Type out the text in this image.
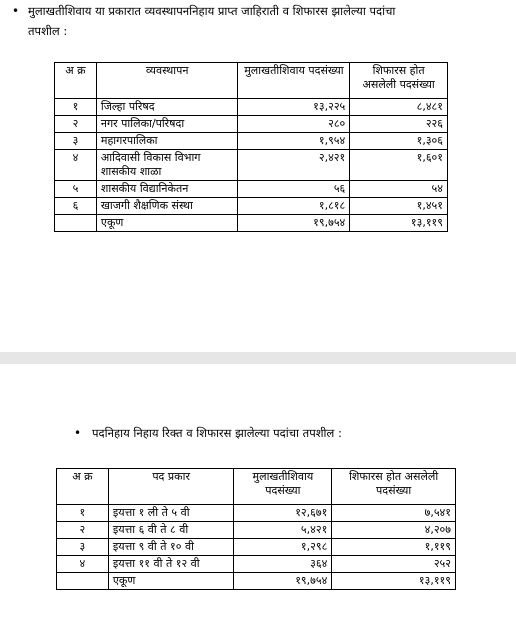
• मुलाखतीशिवाय या प्रकारात व्यवस्थापननिहाय प्राप्त जाहिराती व शिफारस झालेल्या पदांचा
तपशील :
अ क्र	व्यवस्थापन	मुलाखतीशिवाय पदसंख्या	शिफारस होत असलेली पदसंख्या
१	जिल्हा परिषद	१३,२२५	८,४८१
२	नगर पालिका/परिषदा	२८०	२२६
३	महागरपालिका	१,९५४	१,३०६
४	आदिवासी विकास विभाग शासकीय शाळा	२,४२१	१,६०१
५	शासकीय विद्यानिकेतन	५६	५४
६	खाजगी शैक्षणिक संस्था	१,८१८	१,४५१
	एकूण	१९,७५४	१३,११९
• पदनिहाय निहाय रिक्त व शिफारस झालेल्या पदांचा तपशील :
अ क्र	पद प्रकार	मुलाखतीशिवाय पदसंख्या	शिफारस होत असलेली पदसंख्या
१	इयत्ता १ ली ते ५ वी	१२,६७१	७,५४१
२	इयत्ता ६ वी ते ८ वी	५,४२१	४,२०७
३	इयत्ता ९ वी ते १० वी	१,२९८	१,११९
४	इयत्ता ११ वी ते १२ वी	३६४	२५२
	एकूण	१९,७५४	१३,११९
